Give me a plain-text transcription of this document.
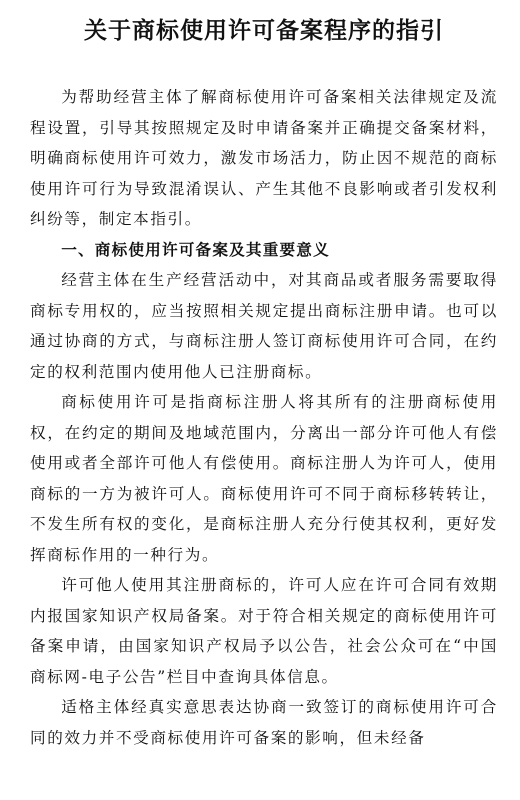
关于商标使用许可备案程序的指引

为帮助经营主体了解商标使用许可备案相关法律规定及流程设置，引导其按照规定及时申请备案并正确提交备案材料，明确商标使用许可效力，激发市场活力，防止因不规范的商标使用许可行为导致混淆误认、产生其他不良影响或者引发权利纠纷等，制定本指引。

一、商标使用许可备案及其重要意义

经营主体在生产经营活动中，对其商品或者服务需要取得商标专用权的，应当按照相关规定提出商标注册申请。也可以通过协商的方式，与商标注册人签订商标使用许可合同，在约定的权利范围内使用他人已注册商标。

商标使用许可是指商标注册人将其所有的注册商标使用权，在约定的期间及地域范围内，分离出一部分许可他人有偿使用或者全部许可他人有偿使用。商标注册人为许可人，使用商标的一方为被许可人。商标使用许可不同于商标移转转让，不发生所有权的变化，是商标注册人充分行使其权利，更好发挥商标作用的一种行为。

许可他人使用其注册商标的，许可人应在许可合同有效期内报国家知识产权局备案。对于符合相关规定的商标使用许可备案申请，由国家知识产权局予以公告，社会公众可在“中国商标网-电子公告”栏目中查询具体信息。

适格主体经真实意思表达协商一致签订的商标使用许可合同的效力并不受商标使用许可备案的影响，但未经备
